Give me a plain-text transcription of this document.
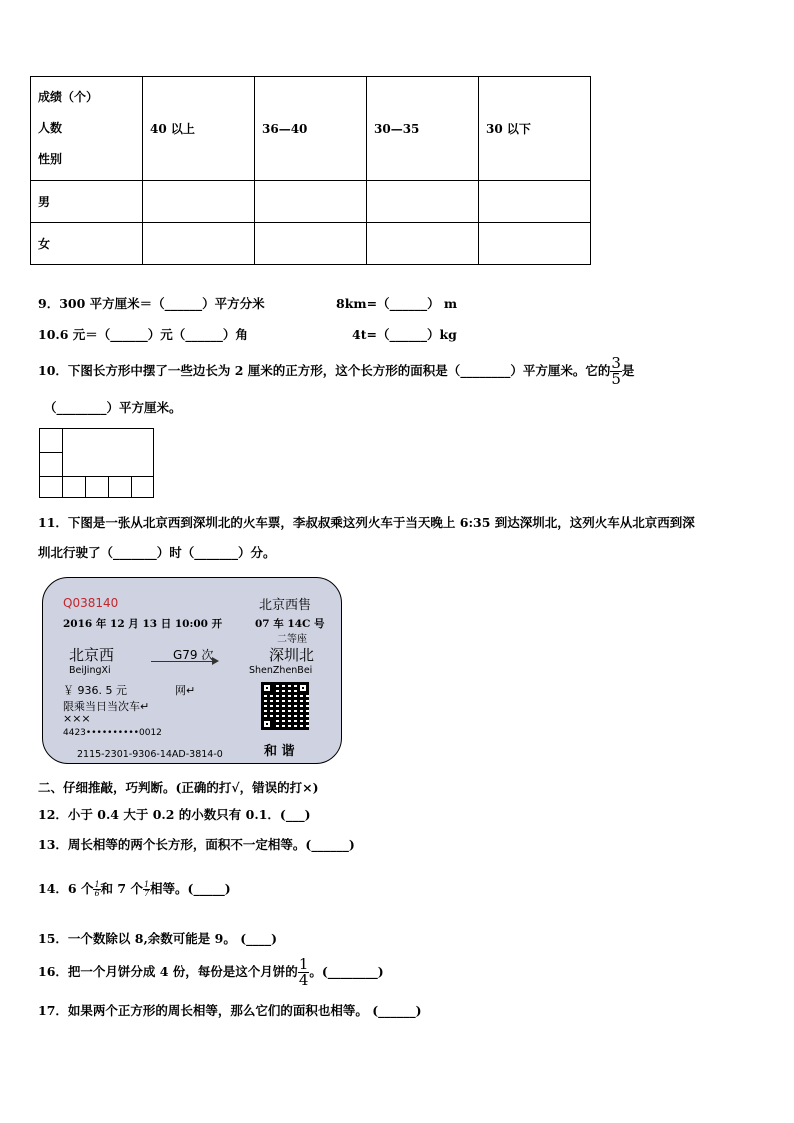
成绩（个）
人数
性别	40 以上	36—40	30—35	30 以下
男				
女				
9．300 平方厘米＝（______）平方分米	8km=（______） m
10.6 元＝（______）元（______）角	4t=（______）kg
10．下图长方形中摆了一些边长为 2 厘米的正方形，这个长方形的面积是（________）平方厘米。它的 $\frac{3}{5}$ 是
（________）平方厘米。
11．下图是一张从北京西到深圳北的火车票，李叔叔乘这列火车于当天晚上 6:35 到达深圳北，这列火车从北京西到深
圳北行驶了（_______）时（_______）分。
Q038140	北京西售
2016 年 12 月 13 日 10:00 开	07 车 14C 号
二等座
北京西
BeiJingXi
G79 次	深圳北
ShenZhenBei
￥ 936. 5 元	网↵
限乘当日当次车↵
×××
4423••••••••••0012
2115-2301-9306-14AD-3814-0	和 谐
二、仔细推敲，巧判断。(正确的打√，错误的打×)
12．小于 0.4 大于 0.2 的小数只有 0.1．(___)
13．周长相等的两个长方形，面积不一定相等。(______)
14．6 个 $\frac{1}{6}$ 和 7 个 $\frac{1}{7}$ 相等。(_____)
15．一个数除以 8,余数可能是 9。 (____)
16．把一个月饼分成 4 份，每份是这个月饼的 $\frac{1}{4}$ 。(________)
17．如果两个正方形的周长相等，那么它们的面积也相等。 (______)
